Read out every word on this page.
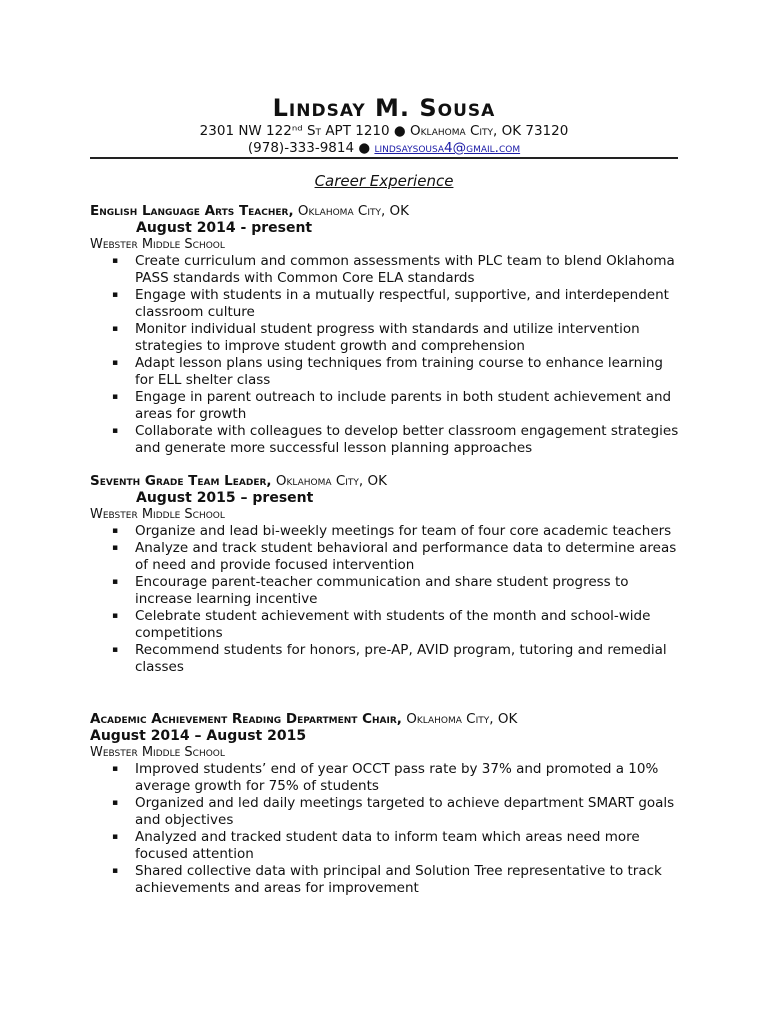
Lindsay M. Sousa
2301 NW 122ⁿᵈ St APT 1210 ● Oklahoma City, OK 73120
(978)-333-9814 ● lindsaysousa4@gmail.com
Career Experience
English Language Arts Teacher, Oklahoma City, OK
August 2014 - present
Webster Middle School
▪ Create curriculum and common assessments with PLC team to blend Oklahoma PASS standards with Common Core ELA standards
▪ Engage with students in a mutually respectful, supportive, and interdependent classroom culture
▪ Monitor individual student progress with standards and utilize intervention strategies to improve student growth and comprehension
▪ Adapt lesson plans using techniques from training course to enhance learning for ELL shelter class
▪ Engage in parent outreach to include parents in both student achievement and areas for growth
▪ Collaborate with colleagues to develop better classroom engagement strategies and generate more successful lesson planning approaches
Seventh Grade Team Leader, Oklahoma City, OK
August 2015 – present
Webster Middle School
▪ Organize and lead bi-weekly meetings for team of four core academic teachers
▪ Analyze and track student behavioral and performance data to determine areas of need and provide focused intervention
▪ Encourage parent-teacher communication and share student progress to increase learning incentive
▪ Celebrate student achievement with students of the month and school-wide competitions
▪ Recommend students for honors, pre-AP, AVID program, tutoring and remedial classes
Academic Achievement Reading Department Chair, Oklahoma City, OK
August 2014 – August 2015
Webster Middle School
▪ Improved students’ end of year OCCT pass rate by 37% and promoted a 10% average growth for 75% of students
▪ Organized and led daily meetings targeted to achieve department SMART goals and objectives
▪ Analyzed and tracked student data to inform team which areas need more focused attention
▪ Shared collective data with principal and Solution Tree representative to track achievements and areas for improvement
